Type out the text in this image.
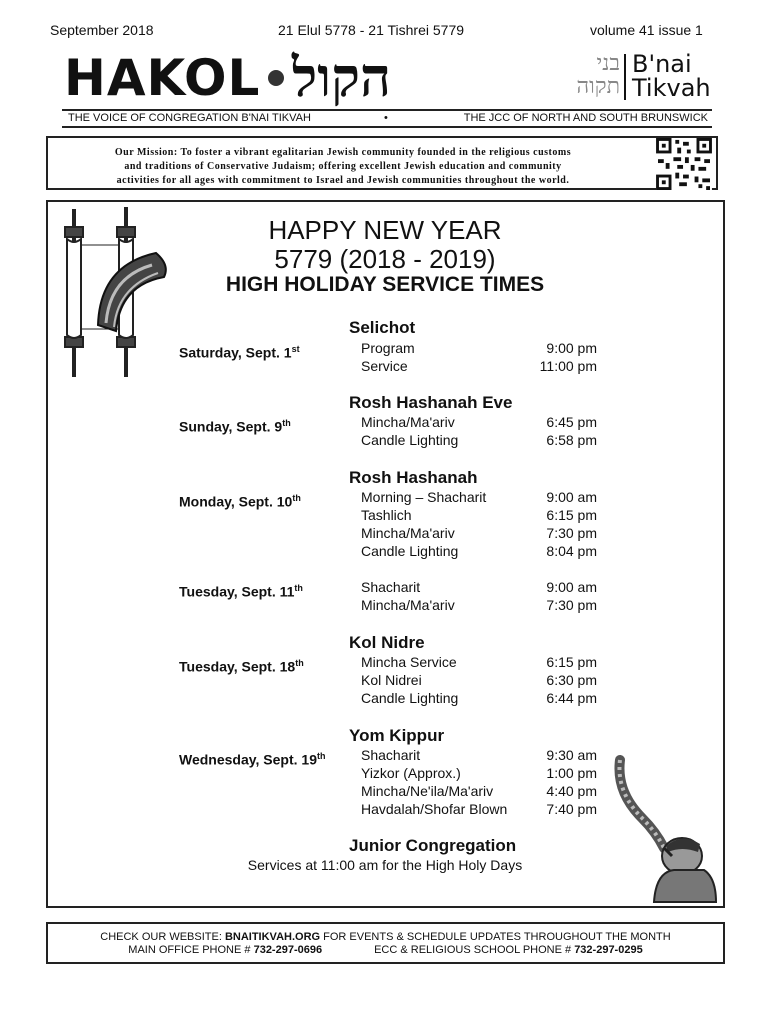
September 2018	21 Elul 5778 - 21 Tishrei 5779	volume 41 issue 1
HAKOL הקול	בני
תקוה
B'nai
Tikvah
THE VOICE OF CONGREGATION B'NAI TIKVAH	•	THE JCC OF NORTH AND SOUTH BRUNSWICK
Our Mission: To foster a vibrant egalitarian Jewish community founded in the religious customs
and traditions of Conservative Judaism; offering excellent Jewish education and community
activities for all ages with commitment to Israel and Jewish communities throughout the world.
HAPPY NEW YEAR
5779 (2018 - 2019)
HIGH HOLIDAY SERVICE TIMES
Selichot
Saturday, Sept. 1st	Program	9:00 pm
Service	11:00 pm
Rosh Hashanah Eve
Sunday, Sept. 9th	Mincha/Ma'ariv	6:45 pm
Candle Lighting	6:58 pm
Rosh Hashanah
Monday, Sept. 10th	Morning – Shacharit	9:00 am
Tashlich	6:15 pm
Mincha/Ma'ariv	7:30 pm
Candle Lighting	8:04 pm
Tuesday, Sept. 11th	Shacharit	9:00 am
Mincha/Ma'ariv	7:30 pm
Kol Nidre
Tuesday, Sept. 18th	Mincha Service	6:15 pm
Kol Nidrei	6:30 pm
Candle Lighting	6:44 pm
Yom Kippur
Wednesday, Sept. 19th	Shacharit	9:30 am
Yizkor (Approx.)	1:00 pm
Mincha/Ne'ila/Ma'ariv	4:40 pm
Havdalah/Shofar Blown	7:40 pm
Junior Congregation
Services at 11:00 am for the High Holy Days
CHECK OUR WEBSITE: BNAITIKVAH.ORG FOR EVENTS & SCHEDULE UPDATES THROUGHOUT THE MONTH
MAIN OFFICE PHONE # 732-297-0696	ECC & RELIGIOUS SCHOOL PHONE # 732-297-0295
